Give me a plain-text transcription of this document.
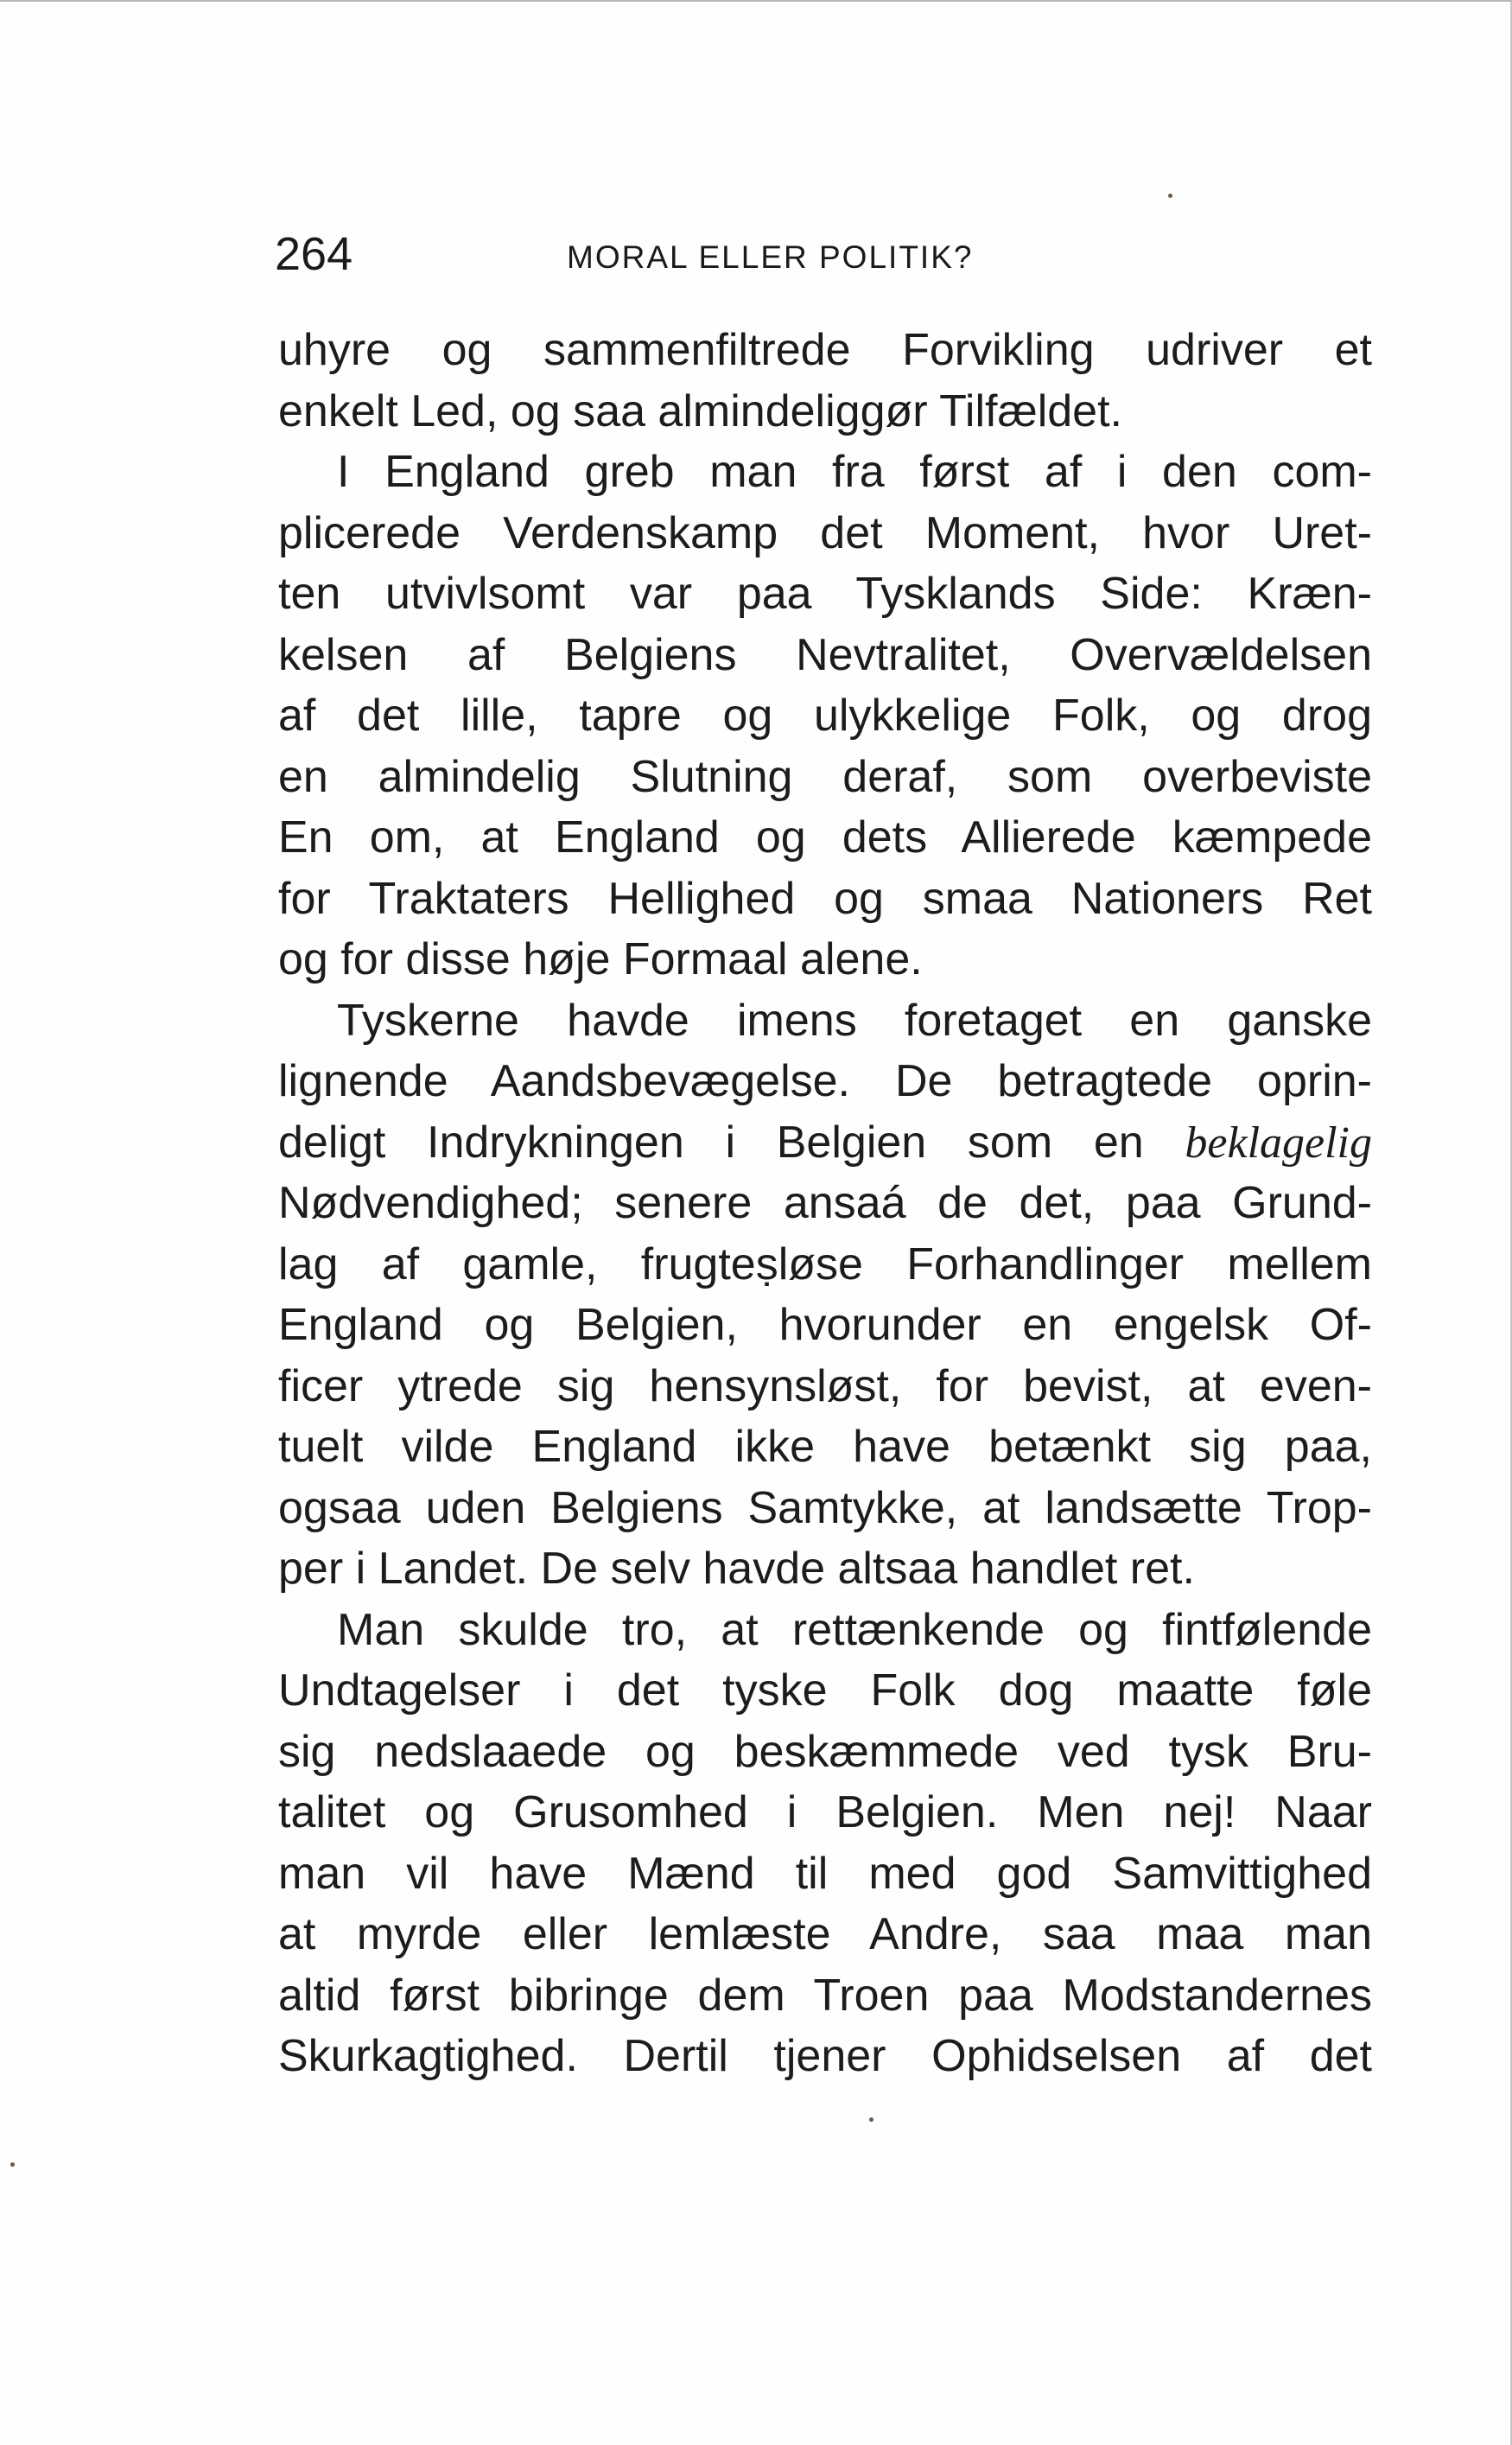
264	MORAL ELLER POLITIK?
uhyre og sammenfiltrede Forvikling udriver et
enkelt Led, og saa almindeliggør Tilfældet.
I England greb man fra først af i den com-
plicerede Verdenskamp det Moment, hvor Uret-
ten utvivlsomt var paa Tysklands Side: Kræn-
kelsen af Belgiens Nevtralitet, Overvældelsen
af det lille, tapre og ulykkelige Folk, og drog
en almindelig Slutning deraf, som overbeviste
En om, at England og dets Allierede kæmpede
for Traktaters Hellighed og smaa Nationers Ret
og for disse høje Formaal alene.
Tyskerne havde imens foretaget en ganske
lignende Aandsbevægelse. De betragtede oprin-
deligt Indrykningen i Belgien som en beklagelig
Nødvendighed; senere ansaá de det, paa Grund-
lag af gamle, frugteṣløse Forhandlinger mellem
England og Belgien, hvorunder en engelsk Of-
ficer ytrede sig hensynsløst, for bevist, at even-
tuelt vilde England ikke have betænkt sig paa,
ogsaa uden Belgiens Samtykke, at landsætte Trop-
per i Landet. De selv havde altsaa handlet ret.
Man skulde tro, at rettænkende og fintfølende
Undtagelser i det tyske Folk dog maatte føle
sig nedslaaede og beskæmmede ved tysk Bru-
talitet og Grusomhed i Belgien. Men nej! Naar
man vil have Mænd til med god Samvittighed
at myrde eller lemlæste Andre, saa maa man
altid først bibringe dem Troen paa Modstandernes
Skurkagtighed. Dertil tjener Ophidselsen af det
